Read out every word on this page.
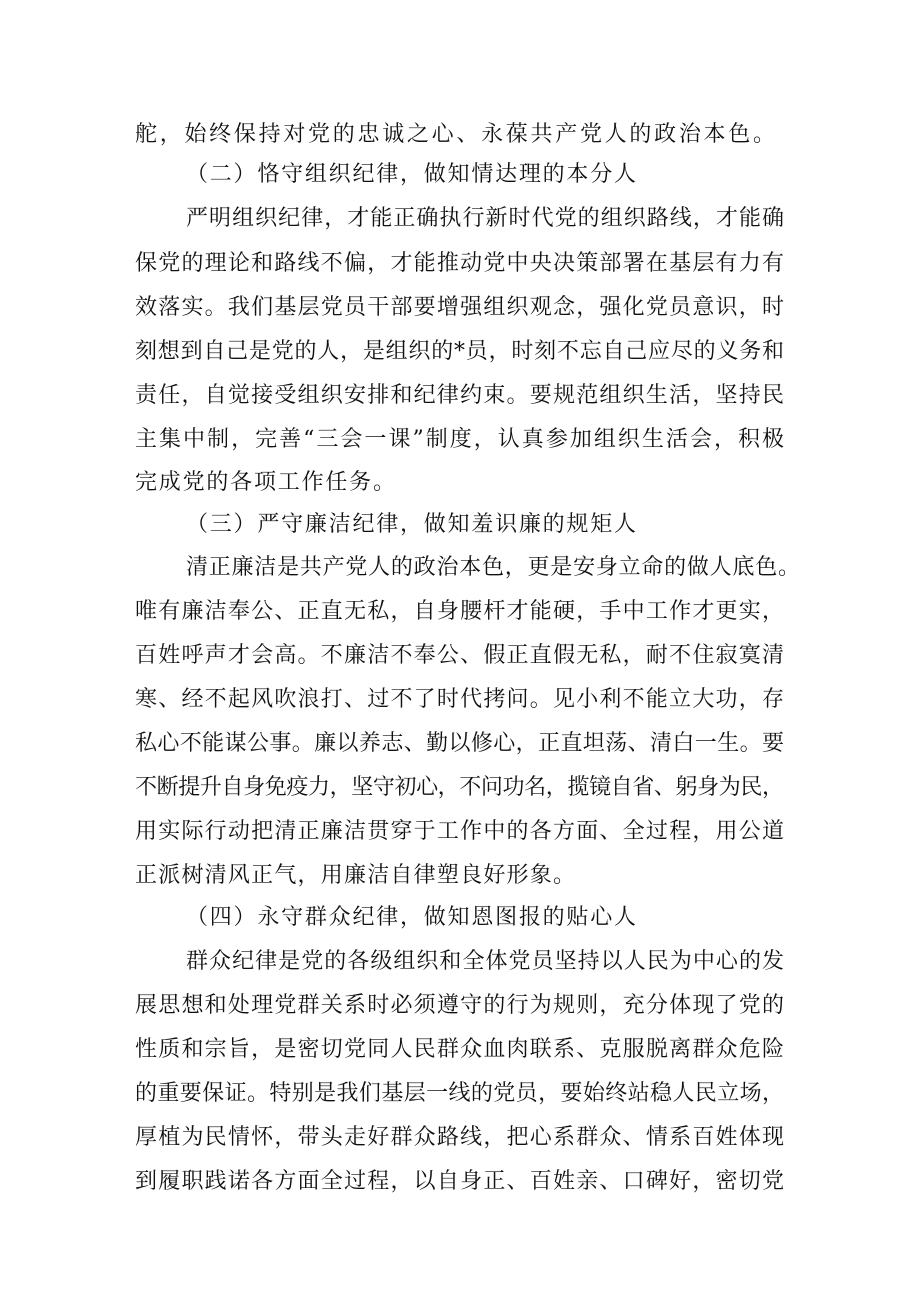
舵，始终保持对党的忠诚之心、永葆共产党人的政治本色。
（二）恪守组织纪律，做知情达理的本分人
严明组织纪律，才能正确执行新时代党的组织路线，才能确
保党的理论和路线不偏，才能推动党中央决策部署在基层有力有
效落实。我们基层党员干部要增强组织观念，强化党员意识，时
刻想到自己是党的人，是组织的*员，时刻不忘自己应尽的义务和
责任，自觉接受组织安排和纪律约束。要规范组织生活，坚持民
主集中制，完善“三会一课”制度，认真参加组织生活会，积极
完成党的各项工作任务。
（三）严守廉洁纪律，做知羞识廉的规矩人
清正廉洁是共产党人的政治本色，更是安身立命的做人底色。
唯有廉洁奉公、正直无私，自身腰杆才能硬，手中工作才更实，
百姓呼声才会高。不廉洁不奉公、假正直假无私，耐不住寂寞清
寒、经不起风吹浪打、过不了时代拷问。见小利不能立大功，存
私心不能谋公事。廉以养志、勤以修心，正直坦荡、清白一生。要
不断提升自身免疫力，坚守初心，不问功名，揽镜自省、躬身为民，
用实际行动把清正廉洁贯穿于工作中的各方面、全过程，用公道
正派树清风正气，用廉洁自律塑良好形象。
（四）永守群众纪律，做知恩图报的贴心人
群众纪律是党的各级组织和全体党员坚持以人民为中心的发
展思想和处理党群关系时必须遵守的行为规则，充分体现了党的
性质和宗旨，是密切党同人民群众血肉联系、克服脱离群众危险
的重要保证。特别是我们基层一线的党员，要始终站稳人民立场，
厚植为民情怀，带头走好群众路线，把心系群众、情系百姓体现
到履职践诺各方面全过程，以自身正、百姓亲、口碑好，密切党
